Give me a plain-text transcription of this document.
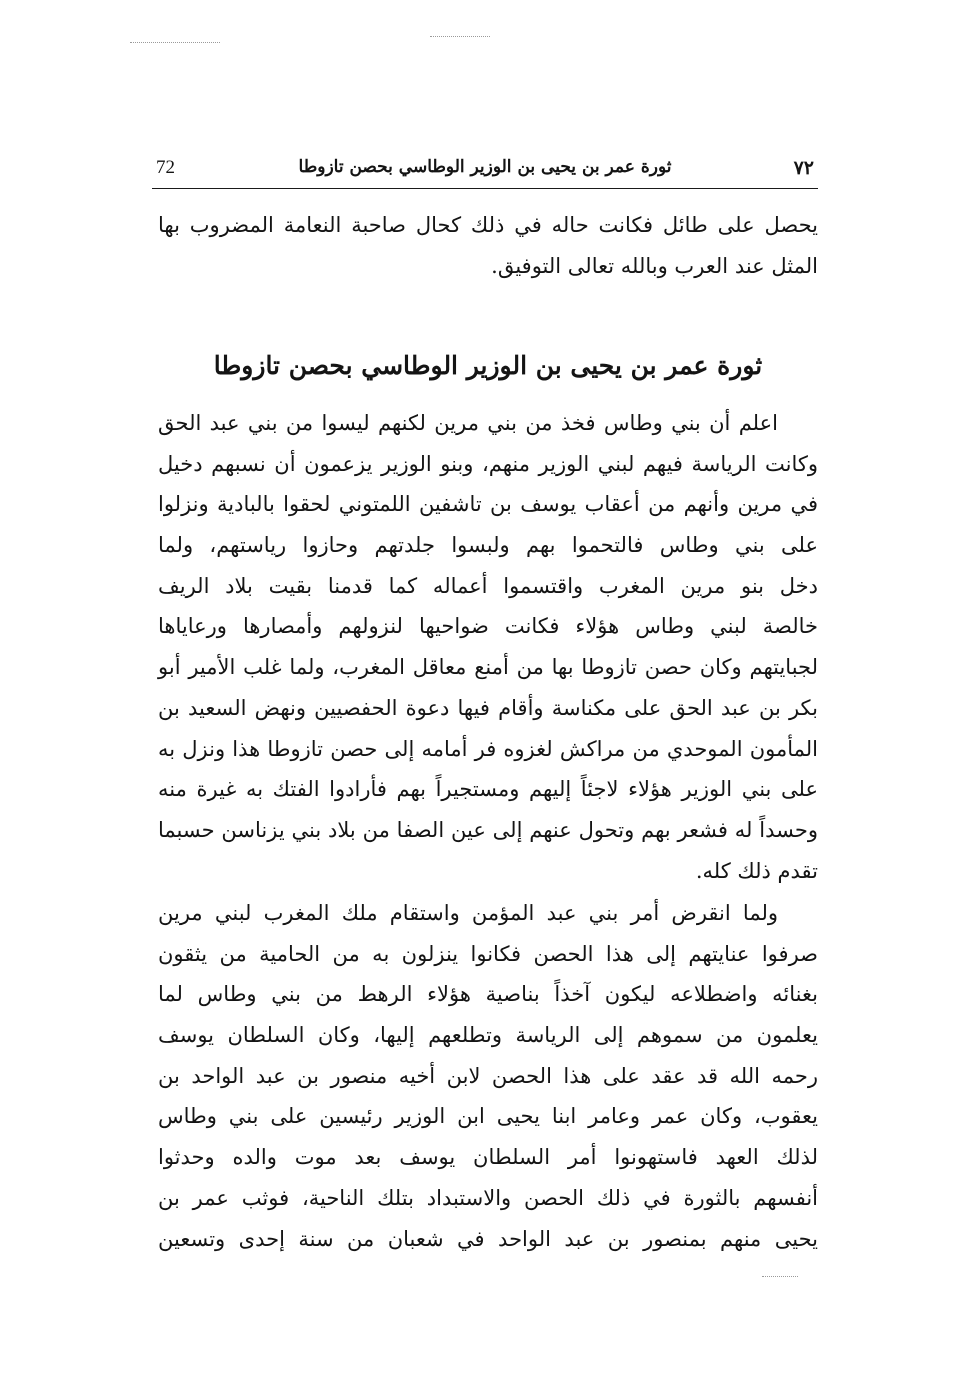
72	ثورة عمر بن يحيى بن الوزير الوطاسي بحصن تازوطا	٧٢
يحصل على طائل فكانت حاله في ذلك كحال صاحبة النعامة المضروب بها
المثل عند العرب وبالله تعالى التوفيق.
ثورة عمر بن يحيى بن الوزير الوطاسي بحصن تازوطا
اعلم أن بني وطاس فخذ من بني مرين لكنهم ليسوا من بني عبد الحق
وكانت الرياسة فيهم لبني الوزير منهم، وبنو الوزير يزعمون أن نسبهم دخيل
في مرين وأنهم من أعقاب يوسف بن تاشفين اللمتوني لحقوا بالبادية ونزلوا
على بني وطاس فالتحموا بهم ولبسوا جلدتهم وحازوا رياستهم، ولما
دخل بنو مرين المغرب واقتسموا أعماله كما قدمنا بقيت بلاد الريف
خالصة لبني وطاس هؤلاء فكانت ضواحيها لنزولهم وأمصارها ورعاياها
لجبايتهم وكان حصن تازوطا بها من أمنع معاقل المغرب، ولما غلب الأمير أبو
بكر بن عبد الحق على مكناسة وأقام فيها دعوة الحفصيين ونهض السعيد بن
المأمون الموحدي من مراكش لغزوه فر أمامه إلى حصن تازوطا هذا ونزل به
على بني الوزير هؤلاء لاجئاً إليهم ومستجيراً بهم فأرادوا الفتك به غيرة منه
وحسداً له فشعر بهم وتحول عنهم إلى عين الصفا من بلاد بني يزناسن حسبما
تقدم ذلك كله.
ولما انقرض أمر بني عبد المؤمن واستقام ملك المغرب لبني مرين
صرفوا عنايتهم إلى هذا الحصن فكانوا ينزلون به من الحامية من يثقون
بغنائه واضطلاعه ليكون آخذاً بناصية هؤلاء الرهط من بني وطاس لما
يعلمون من سموهم إلى الرياسة وتطلعهم إليها، وكان السلطان يوسف
رحمه الله قد عقد على هذا الحصن لابن أخيه منصور بن عبد الواحد بن
يعقوب، وكان عمر وعامر ابنا يحيى ابن الوزير رئيسين على بني وطاس
لذلك العهد فاستهونوا أمر السلطان يوسف بعد موت والده وحدثوا
أنفسهم بالثورة في ذلك الحصن والاستبداد بتلك الناحية، فوثب عمر بن
يحيى منهم بمنصور بن عبد الواحد في شعبان من سنة إحدى وتسعين
